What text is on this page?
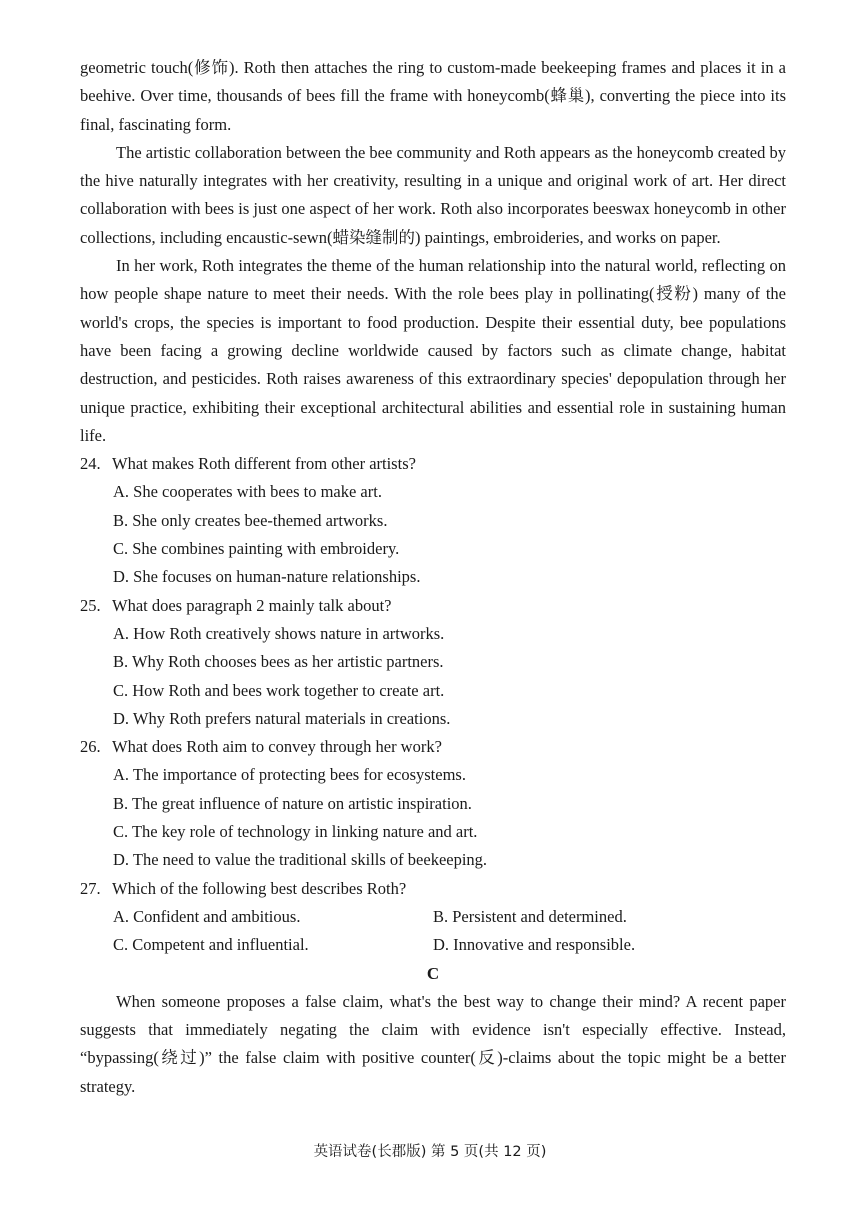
geometric touch(修饰). Roth then attaches the ring to custom-made beekeeping frames and places it in a beehive. Over time, thousands of bees fill the frame with honeycomb(蜂巢), converting the piece into its final, fascinating form.

The artistic collaboration between the bee community and Roth appears as the honeycomb created by the hive naturally integrates with her creativity, resulting in a unique and original work of art. Her direct collaboration with bees is just one aspect of her work. Roth also incorporates beeswax honeycomb in other collections, including encaustic-sewn(蜡染缝制的) paintings, embroideries, and works on paper.

In her work, Roth integrates the theme of the human relationship into the natural world, reflecting on how people shape nature to meet their needs. With the role bees play in pollinating(授粉) many of the world's crops, the species is important to food production. Despite their essential duty, bee populations have been facing a growing decline worldwide caused by factors such as climate change, habitat destruction, and pesticides. Roth raises awareness of this extraordinary species' depopulation through her unique practice, exhibiting their exceptional architectural abilities and essential role in sustaining human life.

24. What makes Roth different from other artists?

A. She cooperates with bees to make art.

B. She only creates bee-themed artworks.

C. She combines painting with embroidery.

D. She focuses on human-nature relationships.

25. What does paragraph 2 mainly talk about?

A. How Roth creatively shows nature in artworks.

B. Why Roth chooses bees as her artistic partners.

C. How Roth and bees work together to create art.

D. Why Roth prefers natural materials in creations.

26. What does Roth aim to convey through her work?

A. The importance of protecting bees for ecosystems.

B. The great influence of nature on artistic inspiration.

C. The key role of technology in linking nature and art.

D. The need to value the traditional skills of beekeeping.

27. Which of the following best describes Roth?

A. Confident and ambitious.	B. Persistent and determined.

C. Competent and influential.	D. Innovative and responsible.

C

When someone proposes a false claim, what's the best way to change their mind? A recent paper suggests that immediately negating the claim with evidence isn't especially effective. Instead, “bypassing(绕过)” the false claim with positive counter(反)-claims about the topic might be a better strategy.

英语试卷(长郡版) 第 5 页(共 12 页)
